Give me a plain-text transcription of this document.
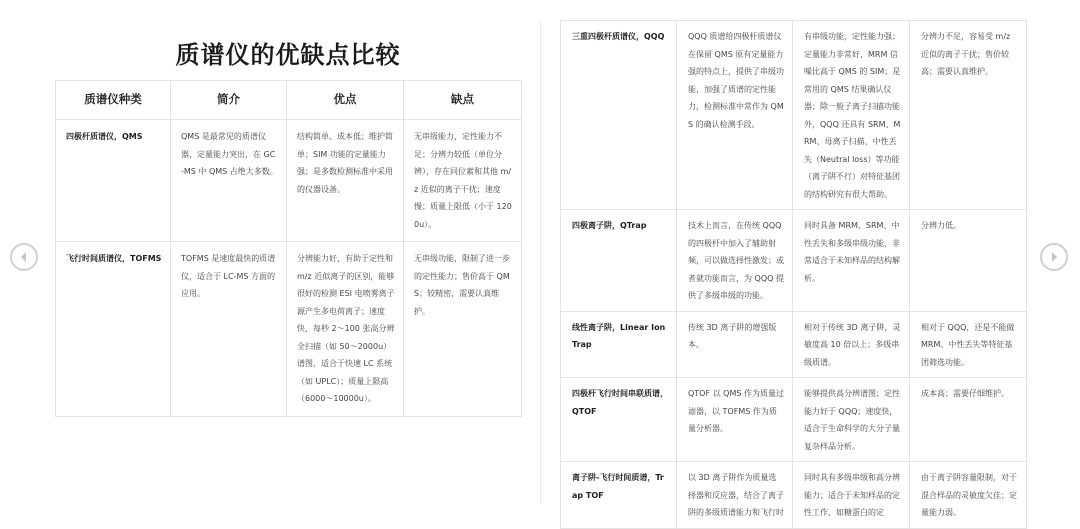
质谱仪的优缺点比较
质谱仪种类	简介	优点	缺点
四极杆质谱仪，QMS	QMS 是最常见的质谱仪器，定量能力突出，在 GC-MS 中 QMS 占绝大多数。	结构简单、成本低；维护简单；SIM 功能的定量能力强；是多数检测标准中采用的仪器设备。	无串级能力，定性能力不足；分辨力较低（单位分辨），存在同位素和其他 m/z 近似的离子干扰；速度慢；质量上限低（小于 1200u）。
飞行时间质谱仪，TOFMS	TOFMS 是速度最快的质谱仪，适合于 LC-MS 方面的应用。	分辨能力好，有助于定性和 m/z 近似离子的区别，能够很好的检测 ESI 电喷雾离子源产生多电荷离子；速度快，每秒 2～100 张高分辨全扫描（如 50～2000u）谱图，适合于快速 LC 系统（如 UPLC）；质量上限高（6000～10000u）。	无串级功能，限制了进一步的定性能力；售价高于 QMS；较精密，需要认真维护。
三重四极杆质谱仪，QQQ	QQQ 质谱给四极杆质谱仪在保留 QMS 原有定量能力强的特点上，提供了串级功能，加强了质谱的定性能力，检测标准中常作为 QMS 的确认检测手段。	有串级功能，定性能力强；定量能力非常好，MRM 信噪比高于 QMS 的 SIM；是常用的 QMS 结果确认仪器；除一般子离子扫描功能外，QQQ 还具有 SRM、MRM、母离子扫描、中性丢失（Neutral loss）等功能（离子阱不行）对特征基团的结构研究有很大帮助。	分辨力不足，容易受 m/z 近似的离子干扰；售价较高；需要认真维护。
四极离子阱，QTrap	技术上而言，在传统 QQQ 的四极杆中加入了辅助射频，可以做选择性激发；或者就功能而言，为 QQQ 提供了多级串级的功能。	同时具备 MRM、SRM、中性丢失和多级串级功能，非常适合于未知样品的结构解析。	分辨力低。
线性离子阱，Linear Ion Trap	传统 3D 离子阱的增强版本。	相对于传统 3D 离子阱，灵敏度高 10 倍以上；多级串级质谱。	相对于 QQQ，还是不能做 MRM、中性丢失等特征基团筛选功能。
四极杆飞行时间串联质谱，QTOF	QTOF 以 QMS 作为质量过滤器，以 TOFMS 作为质量分析器。	能够提供高分辨谱图；定性能力好于 QQQ；速度快，适合于生命科学的大分子量复杂样品分析。	成本高；需要仔细维护。
离子阱-飞行时间质谱，Trap TOF	以 3D 离子阱作为质量选择器和反应器，结合了离子阱的多级质谱能力和飞行时	同时具有多级串级和高分辨能力；适合于未知样品的定性工作，如糖蛋白的定	由于离子阱容量限制，对于混合样品的灵敏度欠佳；定量能力弱。
